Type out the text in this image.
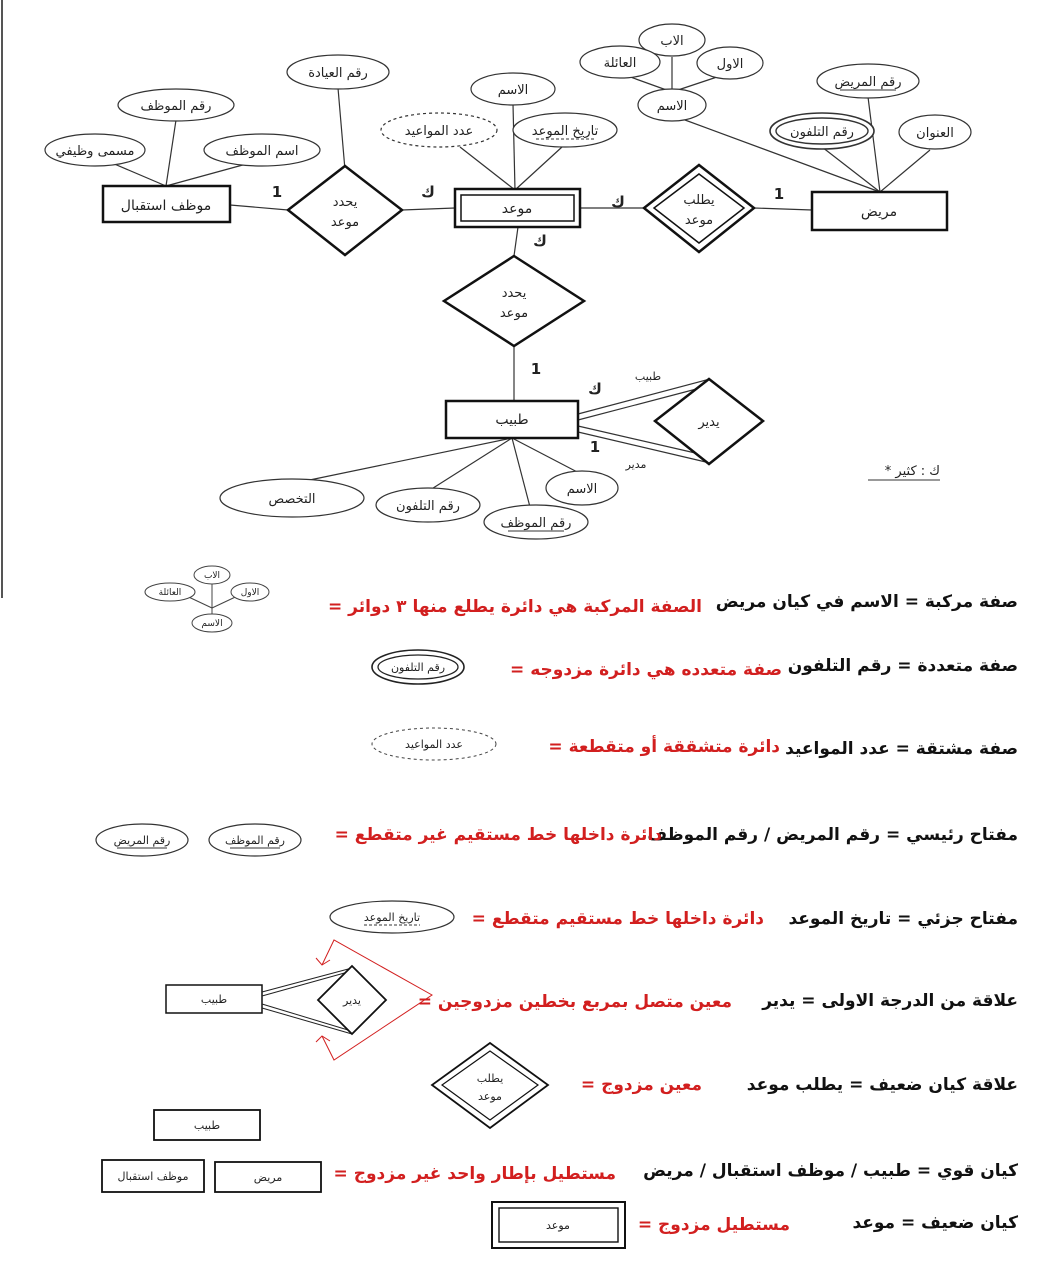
موظف استقبال	موعد	مريض
طبيب
يحدد
موعد
يطلب
موعد
يحدد
موعد
يدير
رقم العيادة
رقم الموظف
مسمى وظيفي	اسم الموظف
الاسم
عدد المواعيد	تاريخ الموعد
الاب
العائلة	الاول
الاسم
رقم المريض
رقم التلفون	العنوان
التخصص	رقم التلفون
رقم الموظف
الاسم
1	ك
ك	1
ك
1
ك
1
طبيب
مدير	* ك : كثير
صفة مركبة = الاسم في كيان مريض
= الصفة المركبة هي دائرة يطلع منها ٣ دوائر
الاب
العائلة	الاول
الاسم
صفة متعددة = رقم التلفون
= صفة متعدده هي دائرة مزدوجه
رقم التلفون
صفة مشتقة = عدد المواعيد
= دائرة متشققة أو متقطعة
عدد المواعيد
مفتاح رئيسي = رقم المريض / رقم الموظف
= دائرة داخلها خط مستقيم غير متقطع
رقم الموظف
رقم المريض
مفتاح جزئي = تاريخ الموعد
= دائرة داخلها خط مستقيم متقطع
تاريخ الموعد
علاقة من الدرجة الاولى = يدير
= معين متصل بمربع بخطين مزدوجين
طبيب	يدير
علاقة كيان ضعيف = يطلب موعد
= معين مزدوج
يطلب
موعد
كيان قوي = طبيب / موظف استقبال / مريض
= مستطيل بإطار واحد غير مزدوج
طبيب
موظف استقبال	مريض
كيان ضعيف = موعد
= مستطيل مزدوج
موعد
